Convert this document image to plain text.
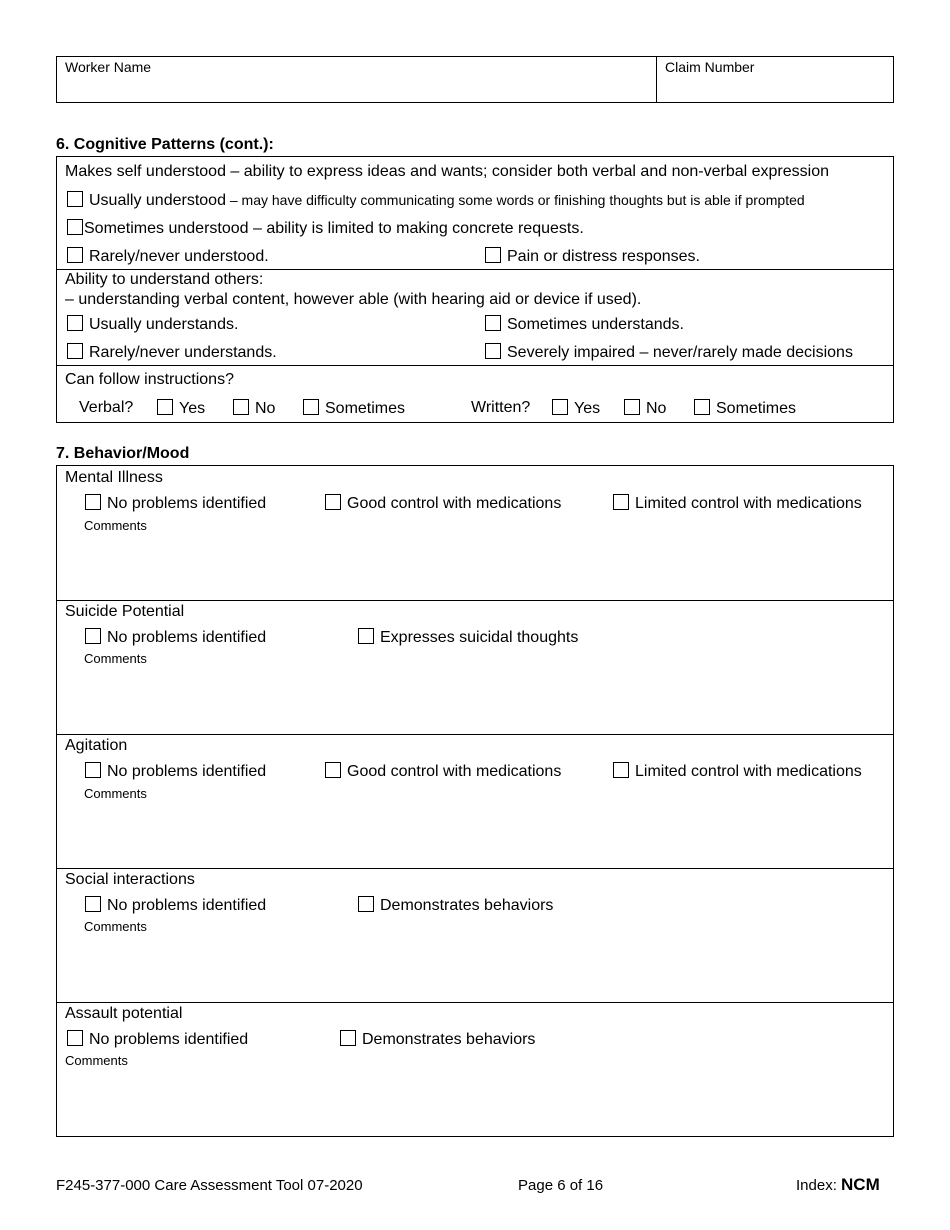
Worker Name	Claim Number
6. Cognitive Patterns (cont.):
Makes self understood – ability to express ideas and wants; consider both verbal and non-verbal expression
Usually understood – may have difficulty communicating some words or finishing thoughts but is able if prompted
Sometimes understood – ability is limited to making concrete requests.
Rarely/never understood.	Pain or distress responses.
Ability to understand others:
– understanding verbal content, however able (with hearing aid or device if used).
Usually understands.	Sometimes understands.
Rarely/never understands.	Severely impaired – never/rarely made decisions
Can follow instructions?
Verbal?	Yes	No	Sometimes	Written?	Yes	No	Sometimes
7. Behavior/Mood
Mental Illness
No problems identified	Good control with medications	Limited control with medications
Comments
Suicide Potential
No problems identified	Expresses suicidal thoughts
Comments
Agitation
No problems identified	Good control with medications	Limited control with medications
Comments
Social interactions
No problems identified	Demonstrates behaviors
Comments
Assault potential
No problems identified	Demonstrates behaviors
Comments
F245-377-000 Care Assessment Tool 07-2020	Page 6 of 16	Index: NCM
